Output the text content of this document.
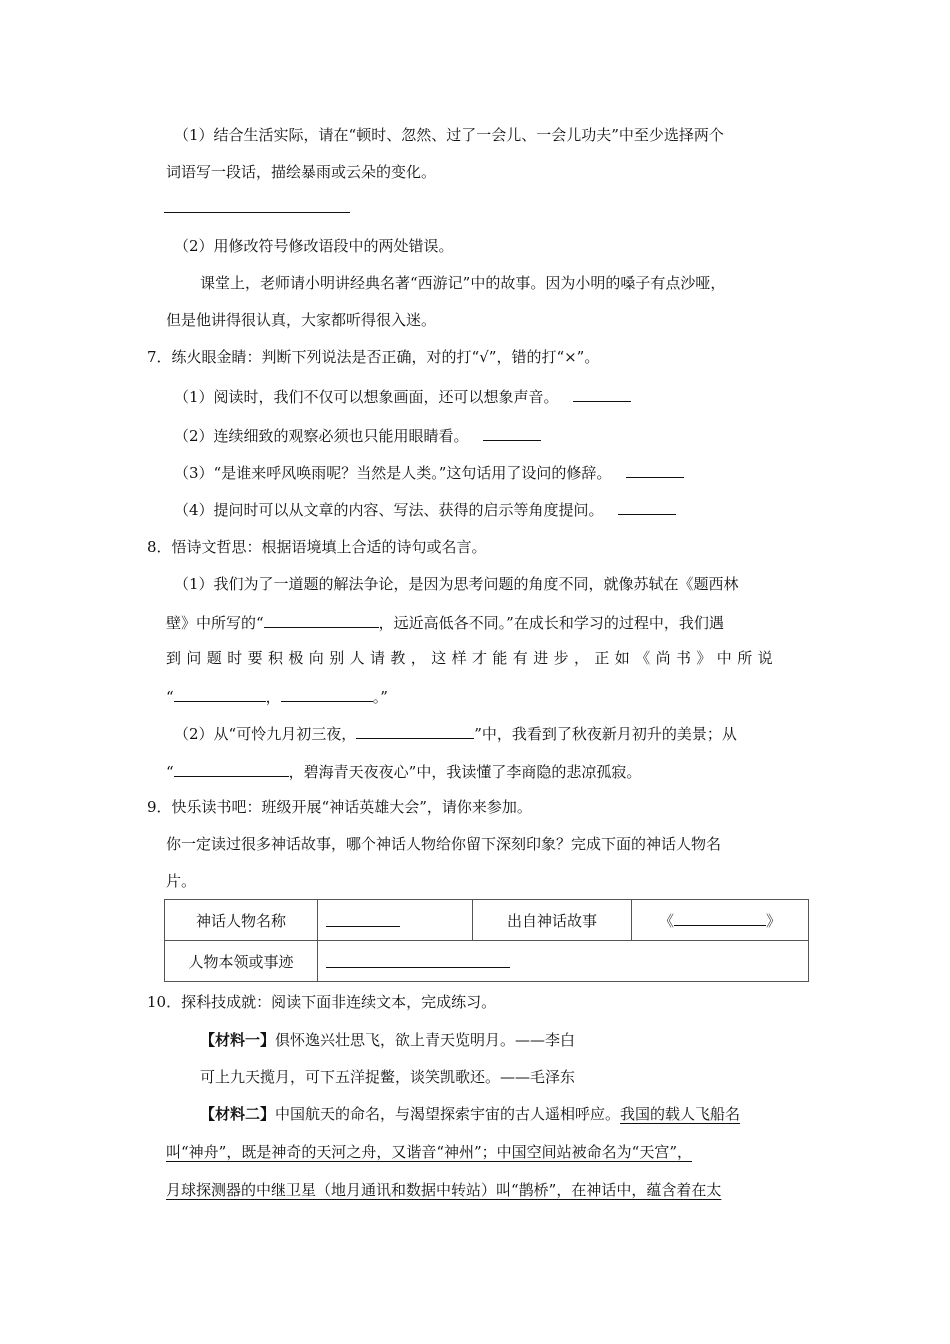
（1）结合生活实际，请在“顿时、忽然、过了一会儿、一会儿功夫”中至少选择两个
词语写一段话，描绘暴雨或云朵的变化。
（2）用修改符号修改语段中的两处错误。
课堂上，老师请小明讲经典名著“西游记”中的故事。因为小明的嗓子有点沙哑，
但是他讲得很认真，大家都听得很入迷。
7．练火眼金睛：判断下列说法是否正确，对的打“√”，错的打“×”。
（1）阅读时，我们不仅可以想象画面，还可以想象声音。
（2）连续细致的观察必须也只能用眼睛看。
（3）“是谁来呼风唤雨呢？当然是人类。”这句话用了设问的修辞。
（4）提问时可以从文章的内容、写法、获得的启示等角度提问。
8．悟诗文哲思：根据语境填上合适的诗句或名言。
（1）我们为了一道题的解法争论，是因为思考问题的角度不同，就像苏轼在《题西林
壁》中所写的“	，远近高低各不同。”在成长和学习的过程中，我们遇
到问题时要积极向别人请教，这样才能有进步，正如《尚书》中所说
“	，	。”
（2）从“可怜九月初三夜，	”中，我看到了秋夜新月初升的美景；从
“	，碧海青天夜夜心”中，我读懂了李商隐的悲凉孤寂。
9．快乐读书吧：班级开展“神话英雄大会”，请你来参加。
你一定读过很多神话故事，哪个神话人物给你留下深刻印象？完成下面的神话人物名
片。
神话人物名称		出自神话故事	《 》
人物本领或事迹			
10．探科技成就：阅读下面非连续文本，完成练习。
【材料一】俱怀逸兴壮思飞，欲上青天览明月。——李白
可上九天揽月，可下五洋捉鳖，谈笑凯歌还。——毛泽东
【材料二】中国航天的命名，与渴望探索宇宙的古人遥相呼应。我国的载人飞船名
叫“神舟”，既是神奇的天河之舟，又谐音“神州”；中国空间站被命名为“天宫”，
月球探测器的中继卫星（地月通讯和数据中转站）叫“鹊桥”，在神话中，蕴含着在太
